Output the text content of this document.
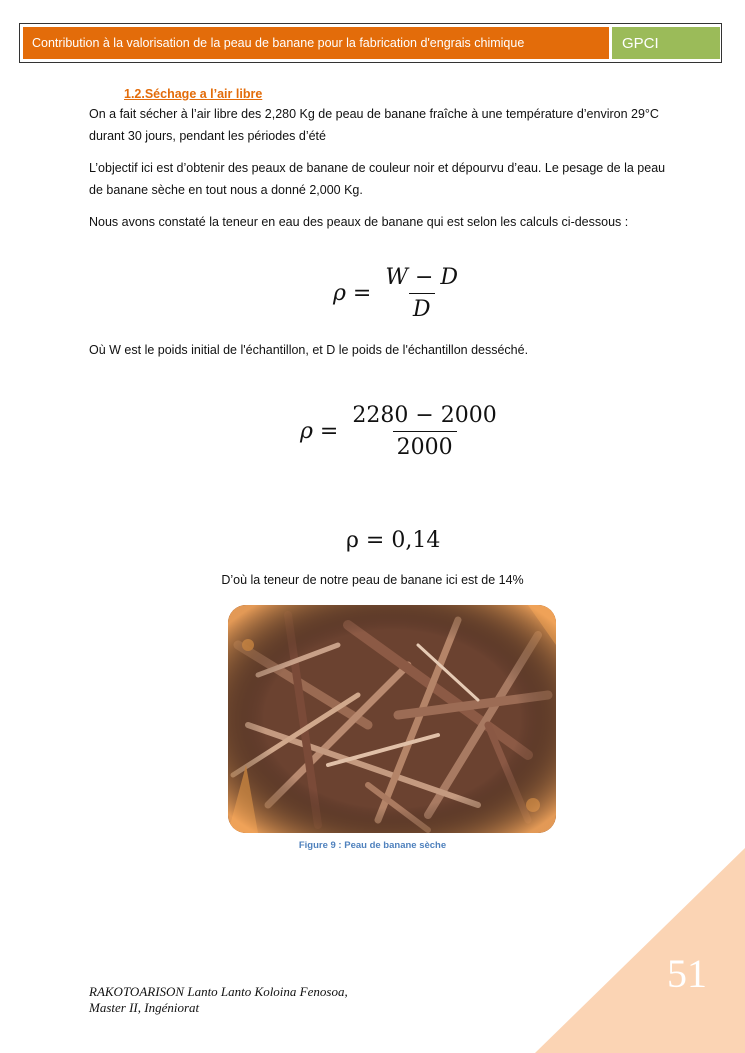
Contribution à la valorisation de la peau de banane pour la fabrication d'engrais chimique	GPCI
1.2.Séchage a l’air libre
On a fait sécher à l’air libre des 2,280 Kg de peau de banane fraîche à une température d’environ 29°C durant 30 jours, pendant les périodes d’été
L’objectif ici est d’obtenir des peaux de banane de couleur noir et dépourvu d’eau. Le pesage de la peau de banane sèche en tout nous a donné 2,000 Kg.
Nous avons constaté la teneur en eau des peaux de banane qui est selon les calculs ci-dessous :
$\rho = \frac{W - D}{D}$
Où W est le poids initial de l'échantillon, et D le poids de l'échantillon desséché.
$\rho = \frac{2280 - 2000}{2000}$
ρ = 0,14
D’où la teneur de notre peau de banane ici est de 14%
Figure 9 : Peau de banane sèche
RAKOTOARISON Lanto Lanto Koloina Fenosoa,
Master II, Ingéniorat
51
